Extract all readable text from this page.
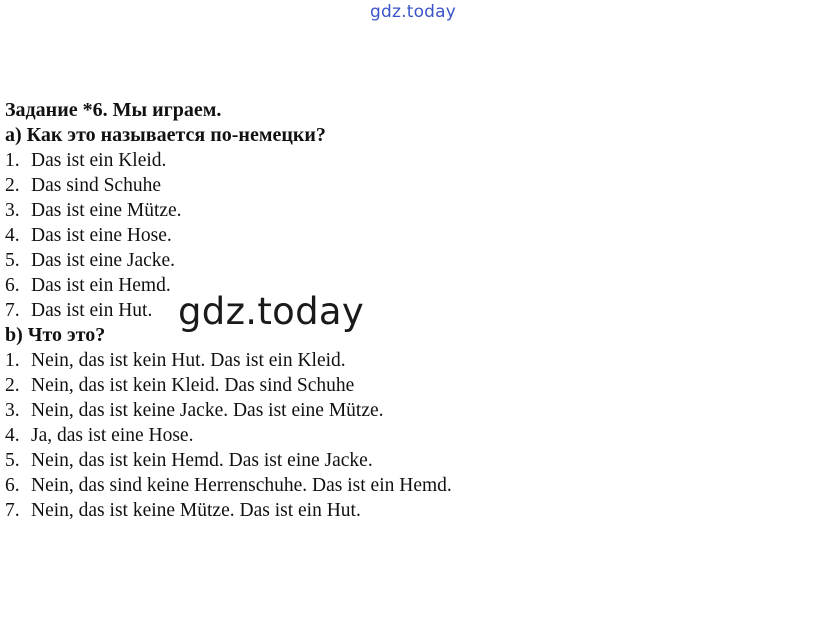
gdz.today
Задание *6. Мы играем.
a) Как это называется по-немецки?
1. Das ist ein Kleid.
2. Das sind Schuhe
3. Das ist eine Mütze.
4. Das ist eine Hose.
5. Das ist eine Jacke.
6. Das ist ein Hemd.
7. Das ist ein Hut.
b) Что это?
1. Nein, das ist kein Hut. Das ist ein Kleid.
2. Nein, das ist kein Kleid. Das sind Schuhe
3. Nein, das ist keine Jacke. Das ist eine Mütze.
4. Ja, das ist eine Hose.
5. Nein, das ist kein Hemd. Das ist eine Jacke.
6. Nein, das sind keine Herrenschuhe. Das ist ein Hemd.
7. Nein, das ist keine Mütze. Das ist ein Hut.
gdz.today
